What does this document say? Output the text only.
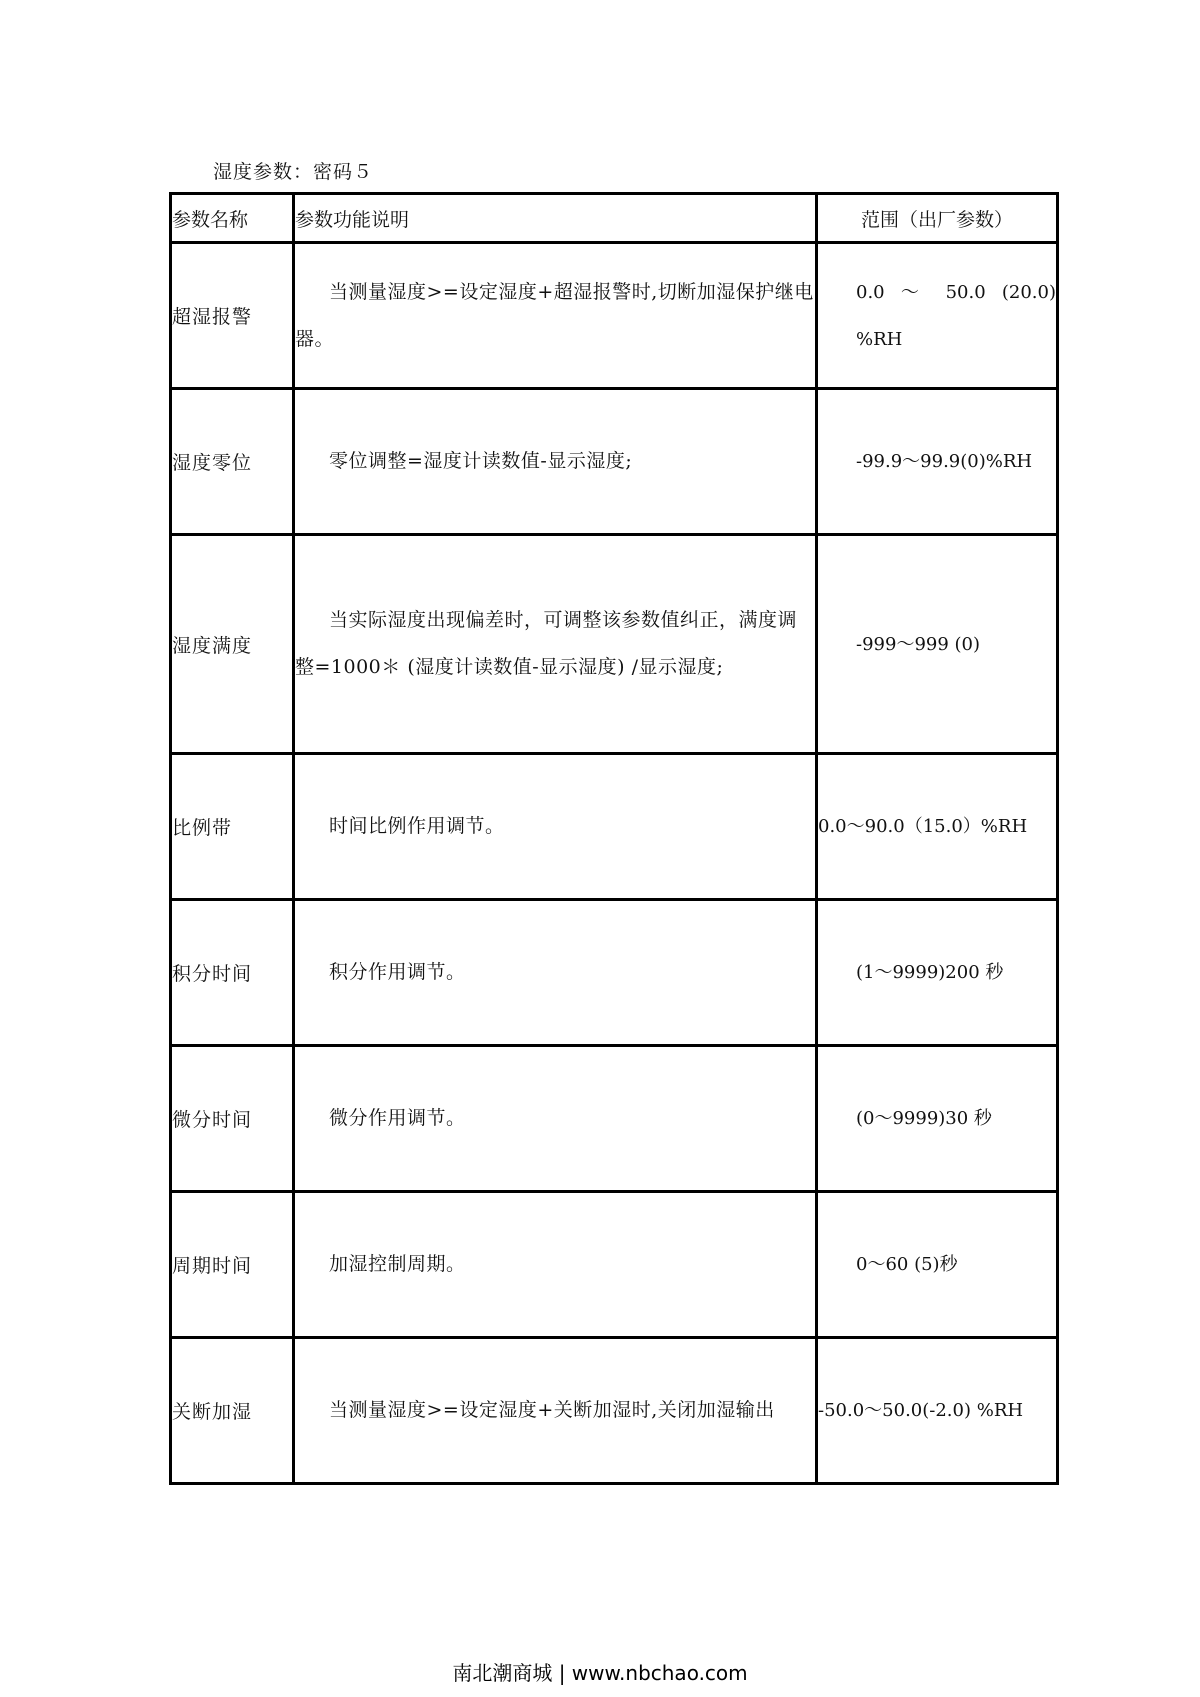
湿度参数：密码５
参数名称	参数功能说明	范围（出厂参数）
超湿报警	当测量湿度>=设定湿度+超湿报警时,切断加湿保护继电器。	0.0 ～ 50.0 (20.0) %RH
湿度零位	零位调整=湿度计读数值-显示湿度;	-99.9～99.9(0)%RH
湿度满度	当实际湿度出现偏差时，可调整该参数值纠正，满度调整=1000＊ (湿度计读数值-显示湿度) /显示湿度;	-999～999 (0)
比例带	时间比例作用调节。	0.0～90.0（15.0）%RH
积分时间	积分作用调节。	(1～9999)200 秒
微分时间	微分作用调节。	(0～9999)30 秒
周期时间	加湿控制周期。	0～60 (5)秒
关断加湿	当测量湿度>=设定湿度+关断加湿时,关闭加湿输出	-50.0～50.0(-2.0) %RH
南北潮商城 | www.nbchao.com
